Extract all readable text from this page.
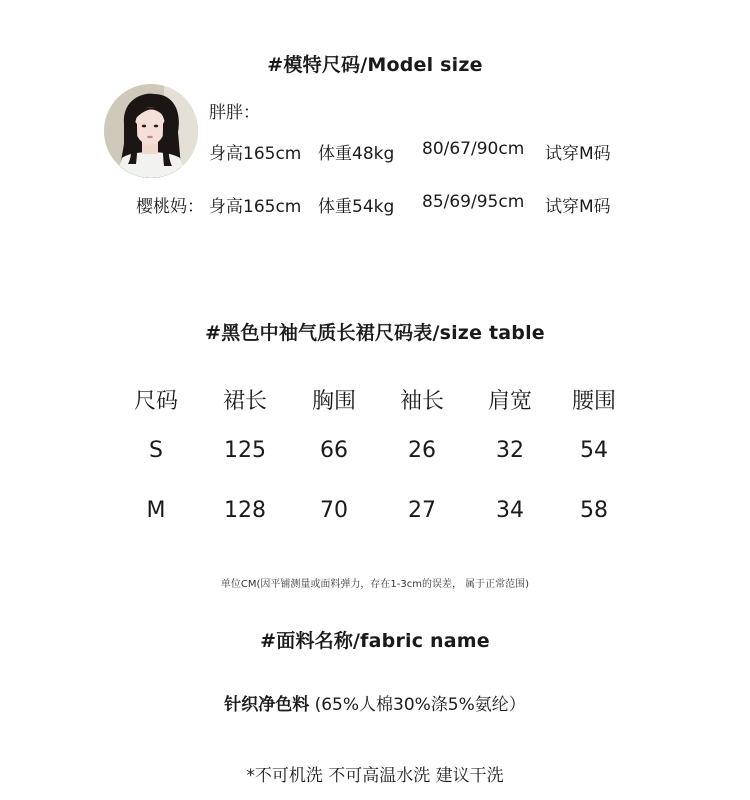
#模特尺码/Model size
胖胖：
身高165cm 体重48kg 80/67/90cm 试穿M码
樱桃妈： 身高165cm 体重54kg 85/69/95cm 试穿M码
#黑色中袖气质长裙尺码表/size table
尺码	裙长	胸围	袖长	肩宽	腰围
S	125	66	26	32	54
M	128	70	27	34	58
单位CM(因平铺测量或面料弹力，存在1-3cm的误差， 属于正常范围)
#面料名称/fabric name
针织净色料 (65%人棉30%涤5%氨纶）
*不可机洗 不可高温水洗 建议干洗
